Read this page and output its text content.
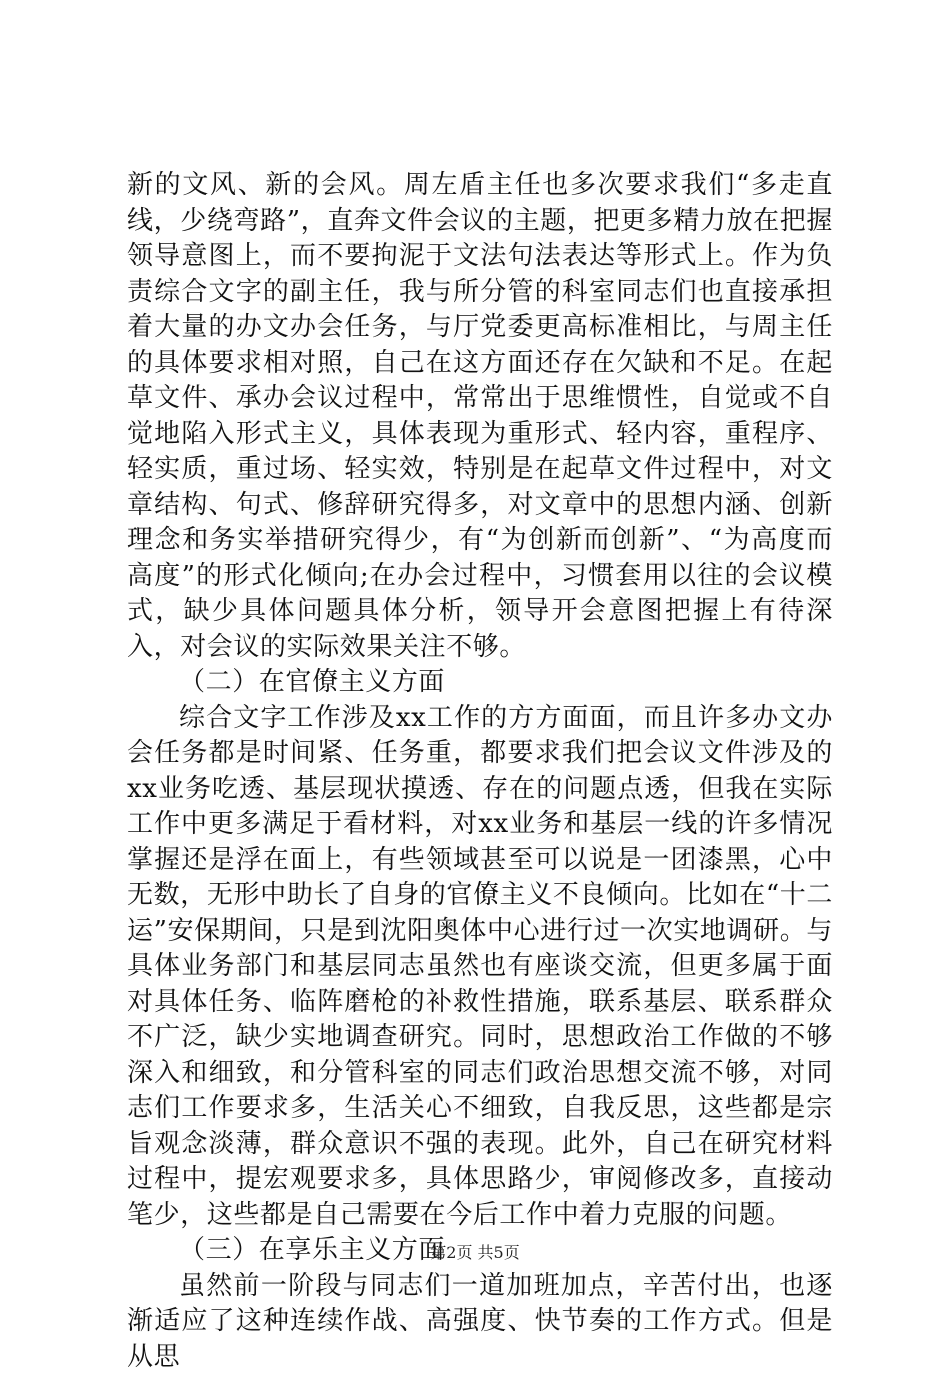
新的文风、新的会风。周左盾主任也多次要求我们“多走直线，少绕弯路”，直奔文件会议的主题，把更多精力放在把握领导意图上，而不要拘泥于文法句法表达等形式上。作为负责综合文字的副主任，我与所分管的科室同志们也直接承担着大量的办文办会任务，与厅党委更高标准相比，与周主任的具体要求相对照，自己在这方面还存在欠缺和不足。在起草文件、承办会议过程中，常常出于思维惯性，自觉或不自觉地陷入形式主义，具体表现为重形式、轻内容，重程序、轻实质，重过场、轻实效，特别是在起草文件过程中，对文章结构、句式、修辞研究得多，对文章中的思想内涵、创新理念和务实举措研究得少，有“为创新而创新”、“为高度而高度”的形式化倾向;在办会过程中，习惯套用以往的会议模式，缺少具体问题具体分析，领导开会意图把握上有待深入，对会议的实际效果关注不够。

（二）在官僚主义方面

综合文字工作涉及xx工作的方方面面，而且许多办文办会任务都是时间紧、任务重，都要求我们把会议文件涉及的xx业务吃透、基层现状摸透、存在的问题点透，但我在实际工作中更多满足于看材料，对xx业务和基层一线的许多情况掌握还是浮在面上，有些领域甚至可以说是一团漆黑，心中无数，无形中助长了自身的官僚主义不良倾向。比如在“十二运”安保期间，只是到沈阳奥体中心进行过一次实地调研。与具体业务部门和基层同志虽然也有座谈交流，但更多属于面对具体任务、临阵磨枪的补救性措施，联系基层、联系群众不广泛，缺少实地调查研究。同时，思想政治工作做的不够深入和细致，和分管科室的同志们政治思想交流不够，对同志们工作要求多，生活关心不细致，自我反思，这些都是宗旨观念淡薄，群众意识不强的表现。此外，自己在研究材料过程中，提宏观要求多，具体思路少，审阅修改多，直接动笔少，这些都是自己需要在今后工作中着力克服的问题。

（三）在享乐主义方面

虽然前一阶段与同志们一道加班加点，辛苦付出，也逐渐适应了这种连续作战、高强度、快节奏的工作方式。但是从思

第2页 共5页
